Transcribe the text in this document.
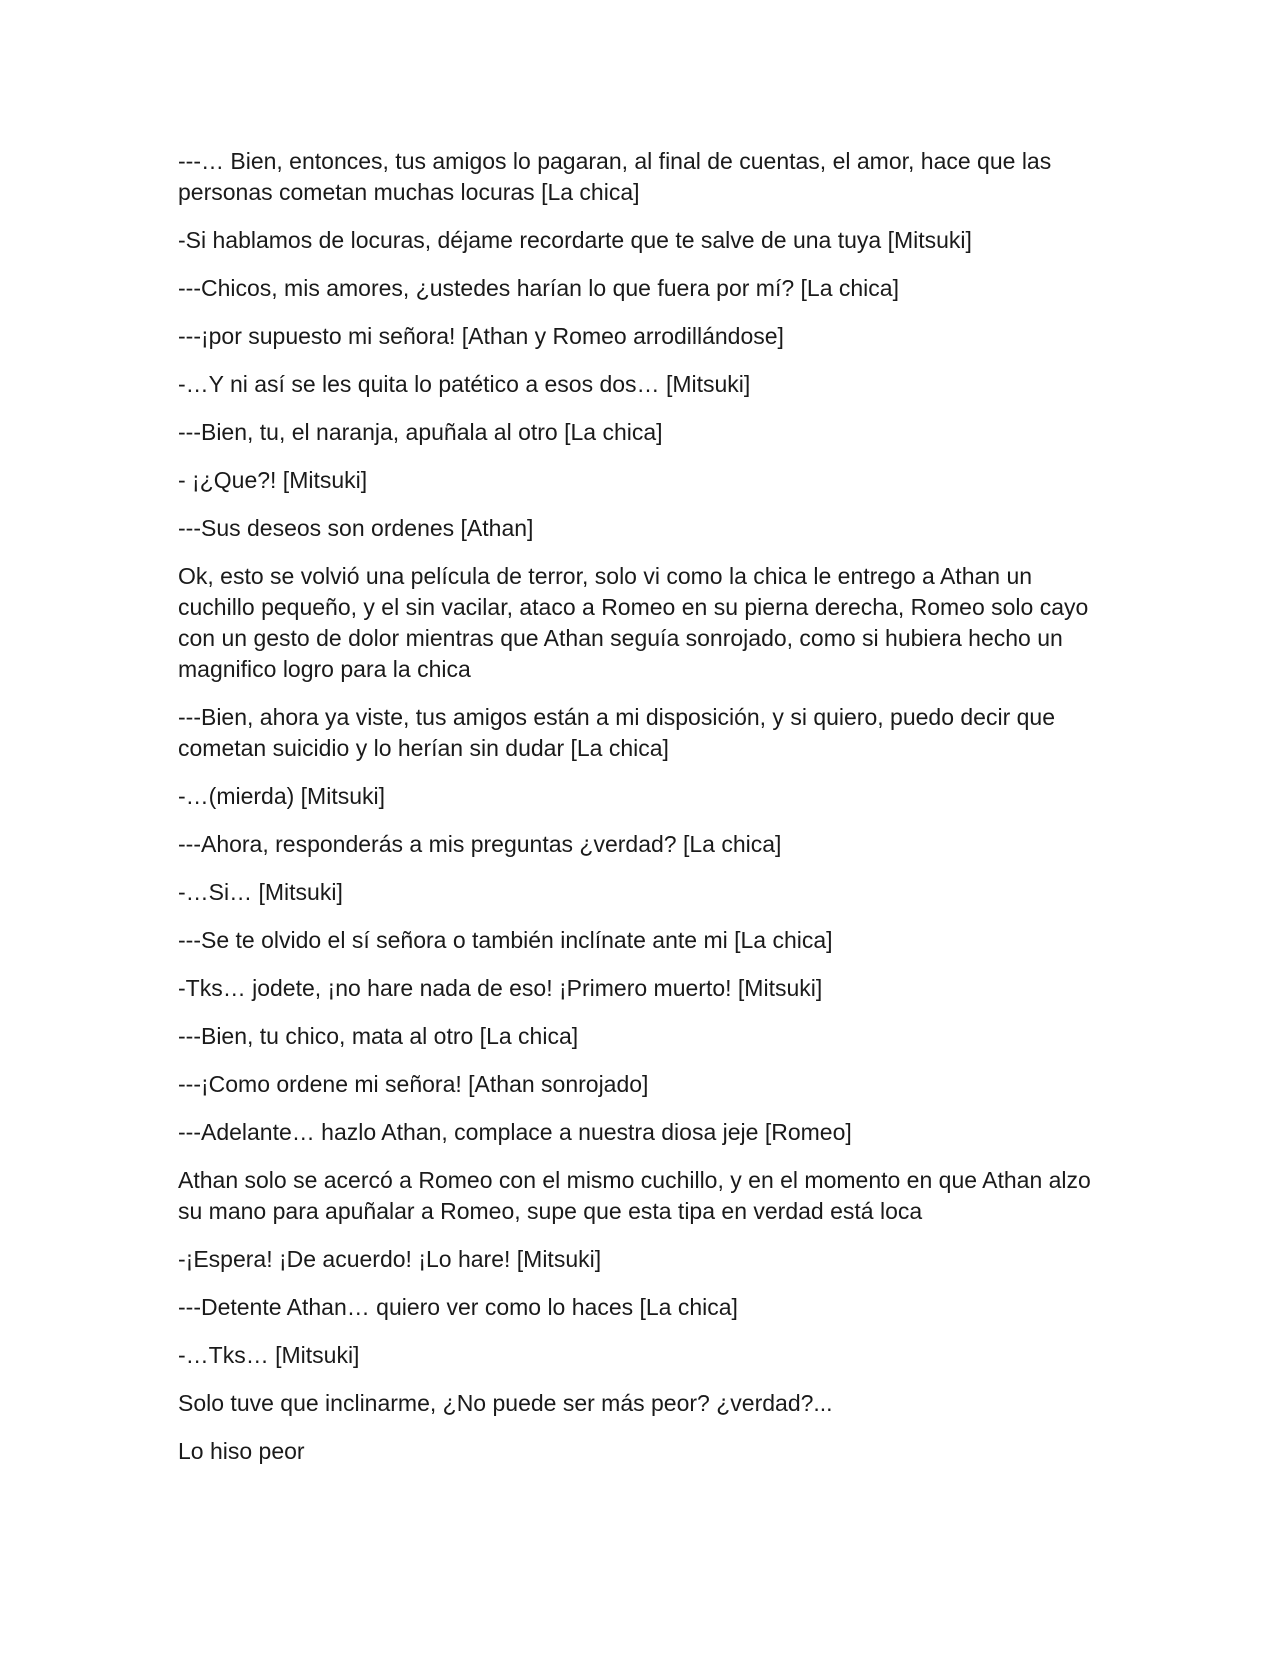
---… Bien, entonces, tus amigos lo pagaran, al final de cuentas, el amor, hace que las personas cometan muchas locuras [La chica]

-Si hablamos de locuras, déjame recordarte que te salve de una tuya [Mitsuki]

---Chicos, mis amores, ¿ustedes harían lo que fuera por mí? [La chica]

---¡por supuesto mi señora! [Athan y Romeo arrodillándose]

-…Y ni así se les quita lo patético a esos dos… [Mitsuki]

---Bien, tu, el naranja, apuñala al otro [La chica]

- ¡¿Que?! [Mitsuki]

---Sus deseos son ordenes [Athan]

Ok, esto se volvió una película de terror, solo vi como la chica le entrego a Athan un cuchillo pequeño, y el sin vacilar, ataco a Romeo en su pierna derecha, Romeo solo cayo con un gesto de dolor mientras que Athan seguía sonrojado, como si hubiera hecho un magnifico logro para la chica

---Bien, ahora ya viste, tus amigos están a mi disposición, y si quiero, puedo decir que cometan suicidio y lo herían sin dudar [La chica]

-…(mierda) [Mitsuki]

---Ahora, responderás a mis preguntas ¿verdad? [La chica]

-…Si… [Mitsuki]

---Se te olvido el sí señora o también inclínate ante mi [La chica]

-Tks… jodete, ¡no hare nada de eso! ¡Primero muerto! [Mitsuki]

---Bien, tu chico, mata al otro [La chica]

---¡Como ordene mi señora! [Athan sonrojado]

---Adelante… hazlo Athan, complace a nuestra diosa jeje [Romeo]

Athan solo se acercó a Romeo con el mismo cuchillo, y en el momento en que Athan alzo su mano para apuñalar a Romeo, supe que esta tipa en verdad está loca

-¡Espera! ¡De acuerdo! ¡Lo hare! [Mitsuki]

---Detente Athan… quiero ver como lo haces [La chica]

-…Tks… [Mitsuki]

Solo tuve que inclinarme, ¿No puede ser más peor? ¿verdad?...

Lo hiso peor
